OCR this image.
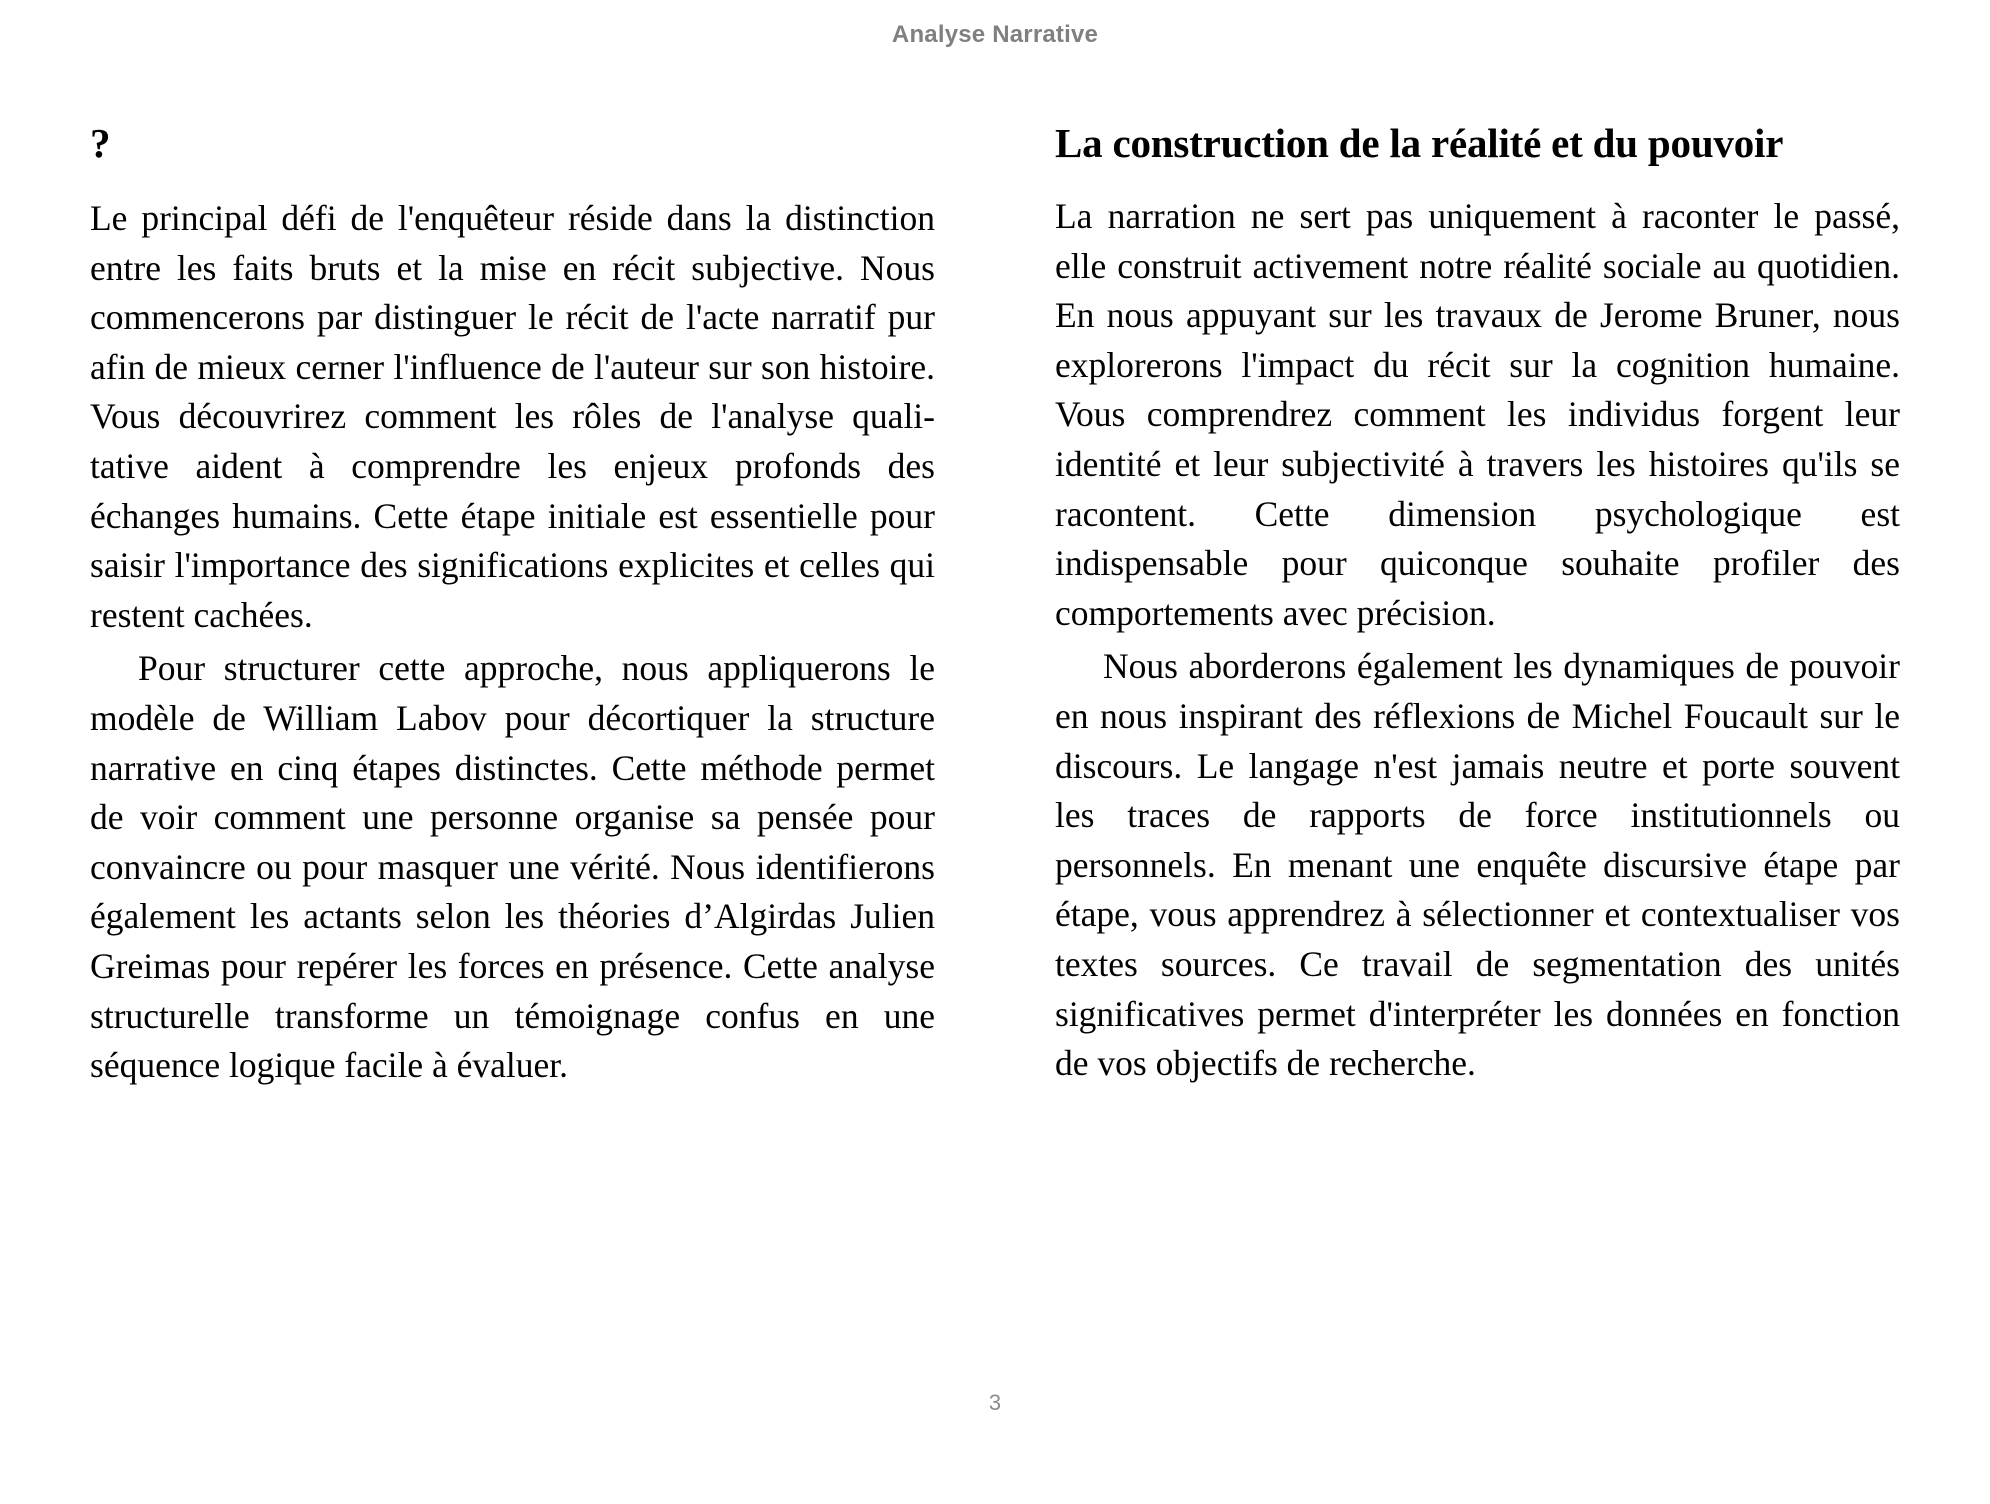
Analyse Narrative
?

Le principal défi de l'enquêteur réside dans la distinction entre les faits bruts et la mise en récit subjective. Nous commencerons par distinguer le récit de l'acte narratif pur afin de mieux cerner l'influence de l'auteur sur son histoire. Vous découvrirez comment les rôles de l'analyse qualitative aident à comprendre les enjeux profonds des échanges humains. Cette étape initiale est essentielle pour saisir l'importance des significations explicites et celles qui restent cachées.

Pour structurer cette approche, nous appliquerons le modèle de William Labov pour décortiquer la structure narrative en cinq étapes distinctes. Cette méthode permet de voir comment une personne organise sa pensée pour convaincre ou pour masquer une vérité. Nous identifierons également les actants selon les théories d’Algirdas Julien Greimas pour repérer les forces en présence. Cette analyse structurelle transforme un témoignage confus en une séquence logique facile à évaluer.

La construction de la réalité et du pouvoir

La narration ne sert pas uniquement à raconter le passé, elle construit activement notre réalité sociale au quotidien. En nous appuyant sur les travaux de Jerome Bruner, nous explorerons l'impact du récit sur la cognition humaine. Vous comprendrez comment les individus forgent leur identité et leur subjectivité à travers les histoires qu'ils se racontent. Cette dimension psychologique est indispensable pour quiconque souhaite profiler des comportements avec précision.

Nous aborderons également les dynamiques de pouvoir en nous inspirant des réflexions de Michel Foucault sur le discours. Le langage n'est jamais neutre et porte souvent les traces de rapports de force institutionnels ou personnels. En menant une enquête discursive étape par étape, vous apprendrez à sélectionner et contextualiser vos textes sources. Ce travail de segmentation des unités significatives permet d'interpréter les données en fonction de vos objectifs de recherche.

3
